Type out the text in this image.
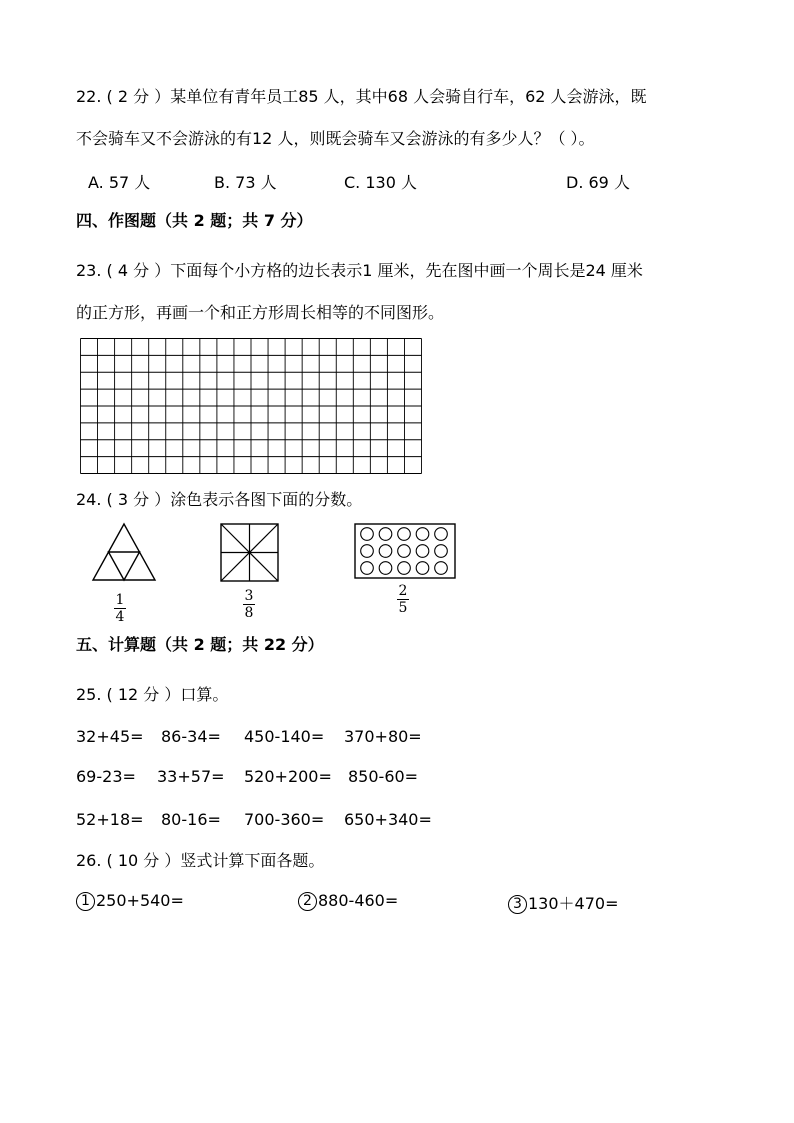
22. ( 2 分 ）某单位有青年员工85 人，其中68 人会骑自行车，62 人会游泳，既
不会骑车又不会游泳的有12 人，则既会骑车又会游泳的有多少人？（ ）。
A. 57 人	B. 73 人	C. 130 人	D. 69 人
四、作图题（共 2 题；共 7 分）
23. ( 4 分 ）下面每个小方格的边长表示1 厘米，先在图中画一个周长是24 厘米
的正方形，再画一个和正方形周长相等的不同图形。
24. ( 3 分 ）涂色表示各图下面的分数。
1
4
3
8
2
5
五、计算题（共 2 题；共 22 分）
25. ( 12 分 ）口算。
32+45= 86-34= 450-140= 370+80=
69-23= 33+57= 520+200= 850-60=
52+18= 80-16= 700-360= 650+340=
26. ( 10 分 ）竖式计算下面各题。
1 250+540=	2 880-460=	3 130＋470=
